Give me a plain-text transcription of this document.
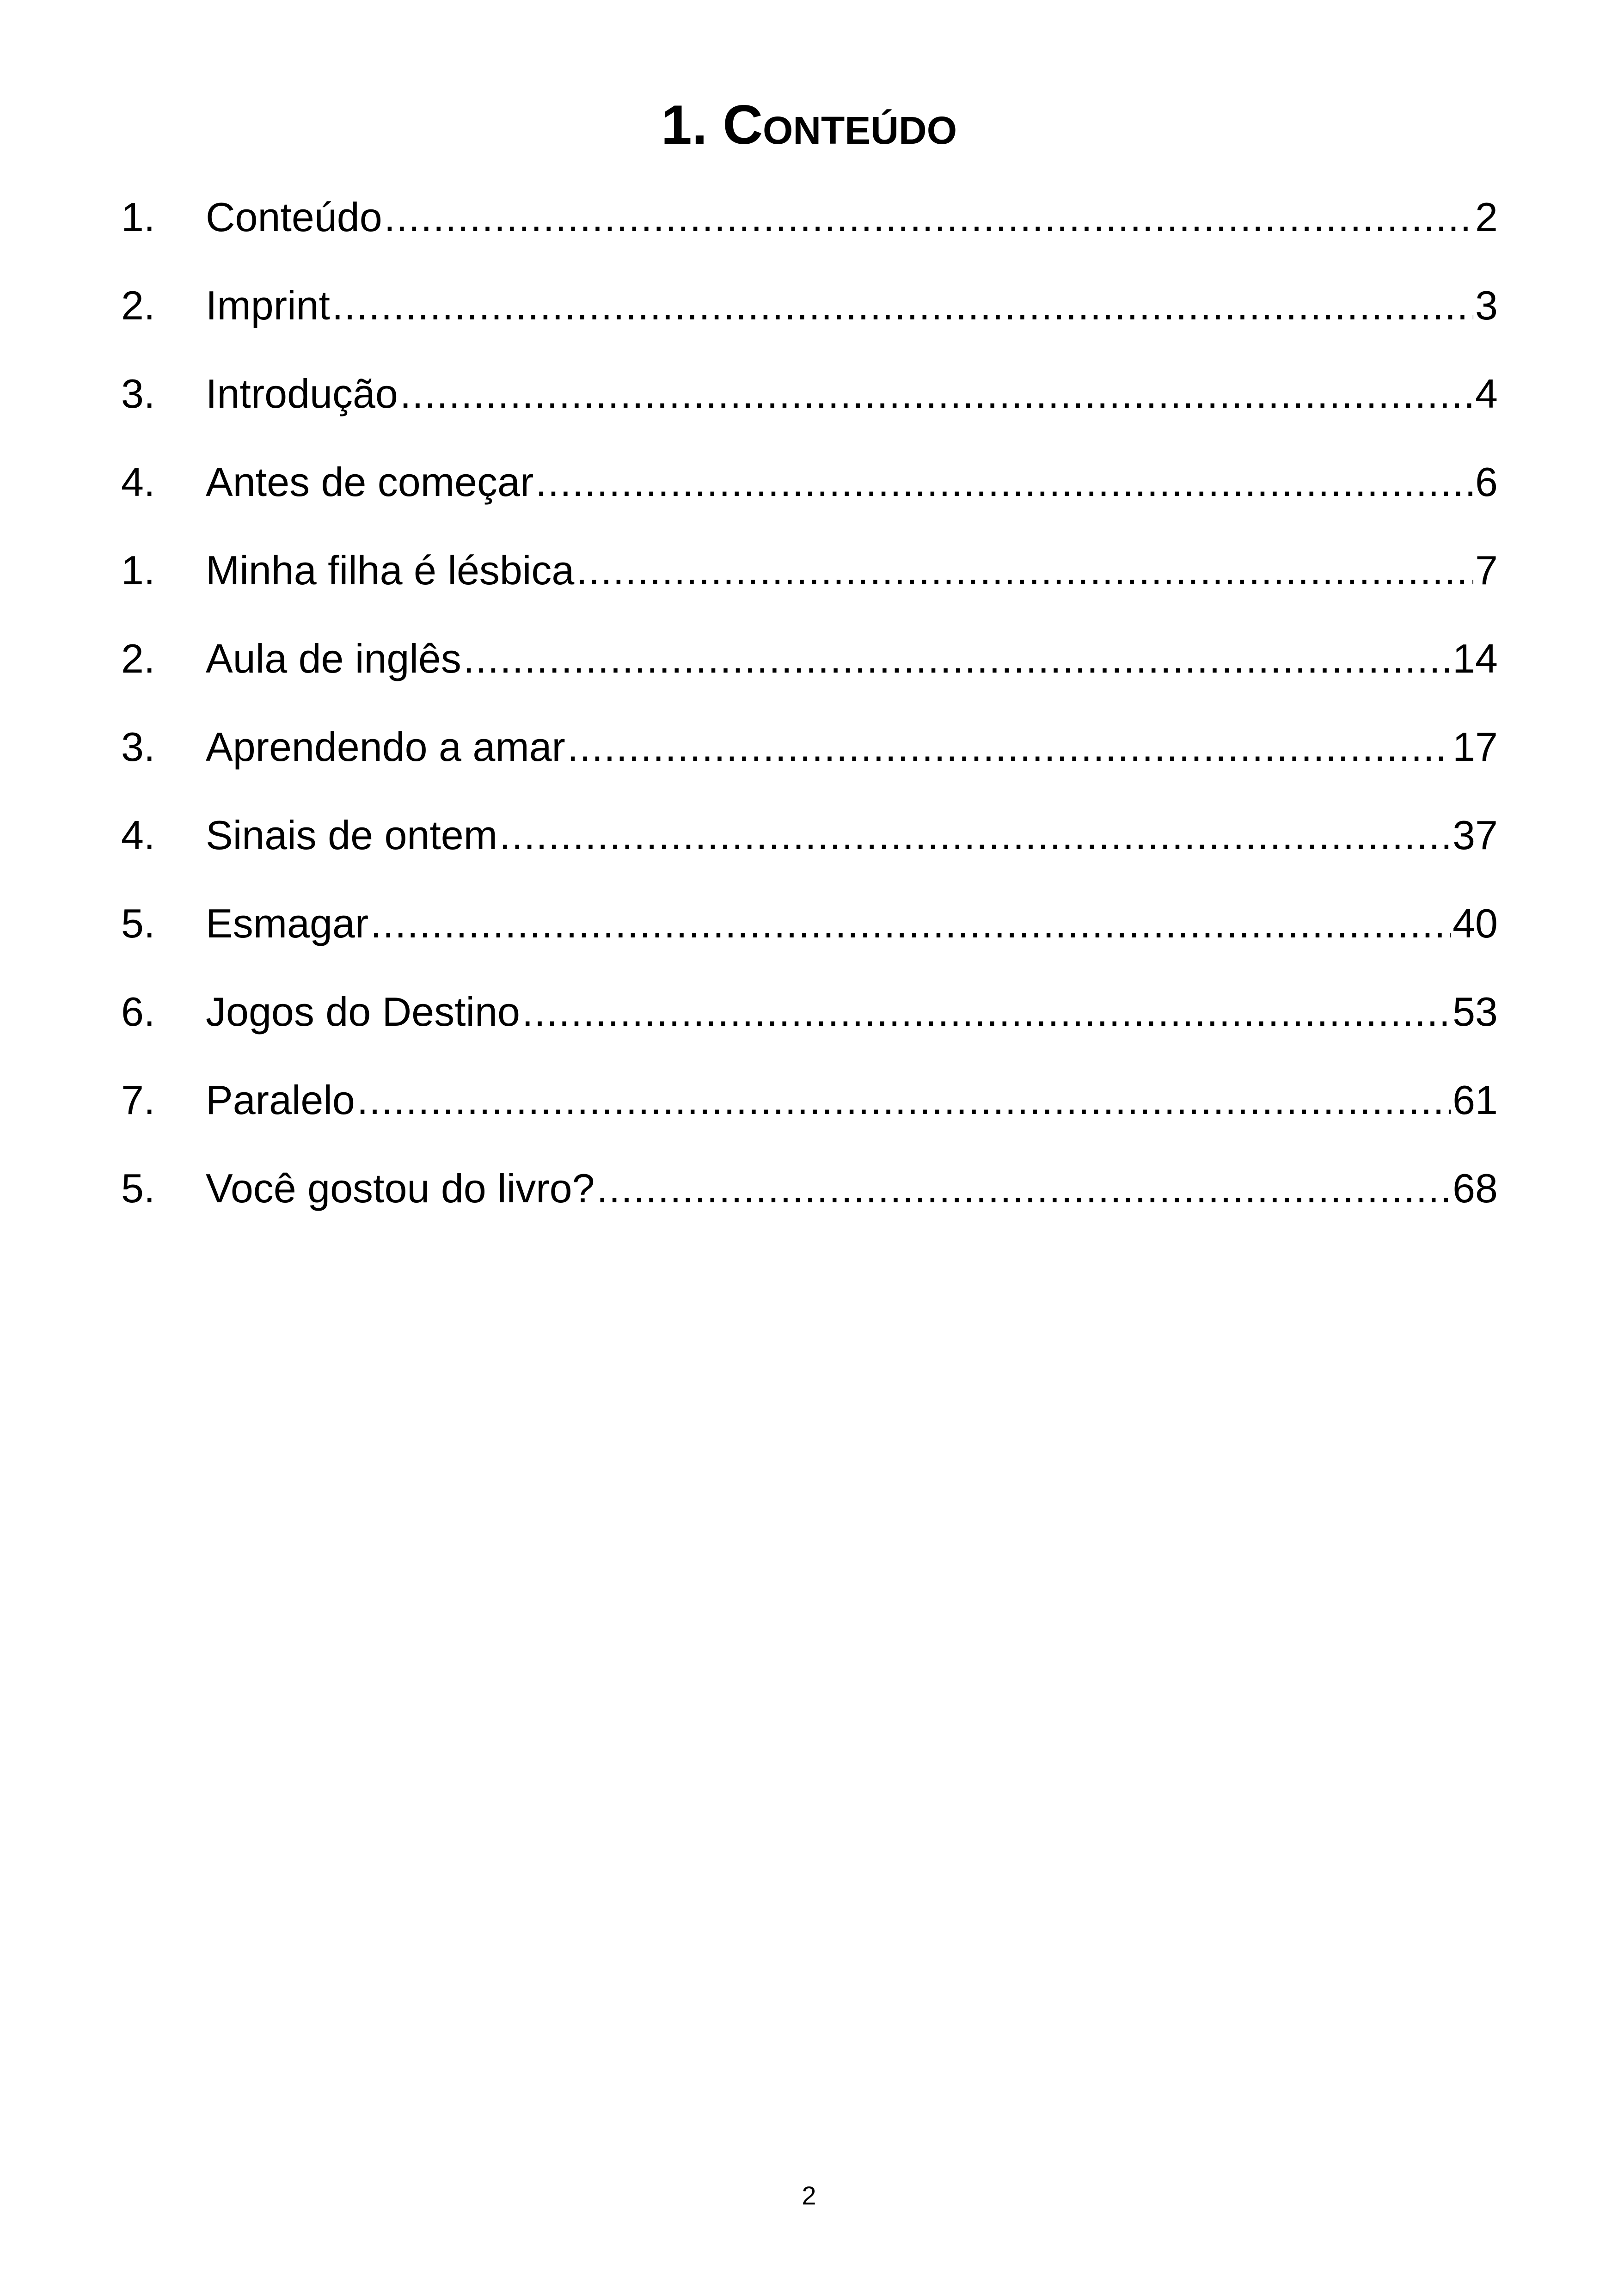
1. Conteúdo
1.	Conteúdo .....	2
2.	Imprint .....	3
3.	Introdução .....	4
4.	Antes de começar .....	6
1.	Minha filha é lésbica .....	7
2.	Aula de inglês .....	14
3.	Aprendendo a amar .....	17
4.	Sinais de ontem .....	37
5.	Esmagar .....	40
6.	Jogos do Destino .....	53
7.	Paralelo .....	61
5.	Você gostou do livro? .....	68
2
